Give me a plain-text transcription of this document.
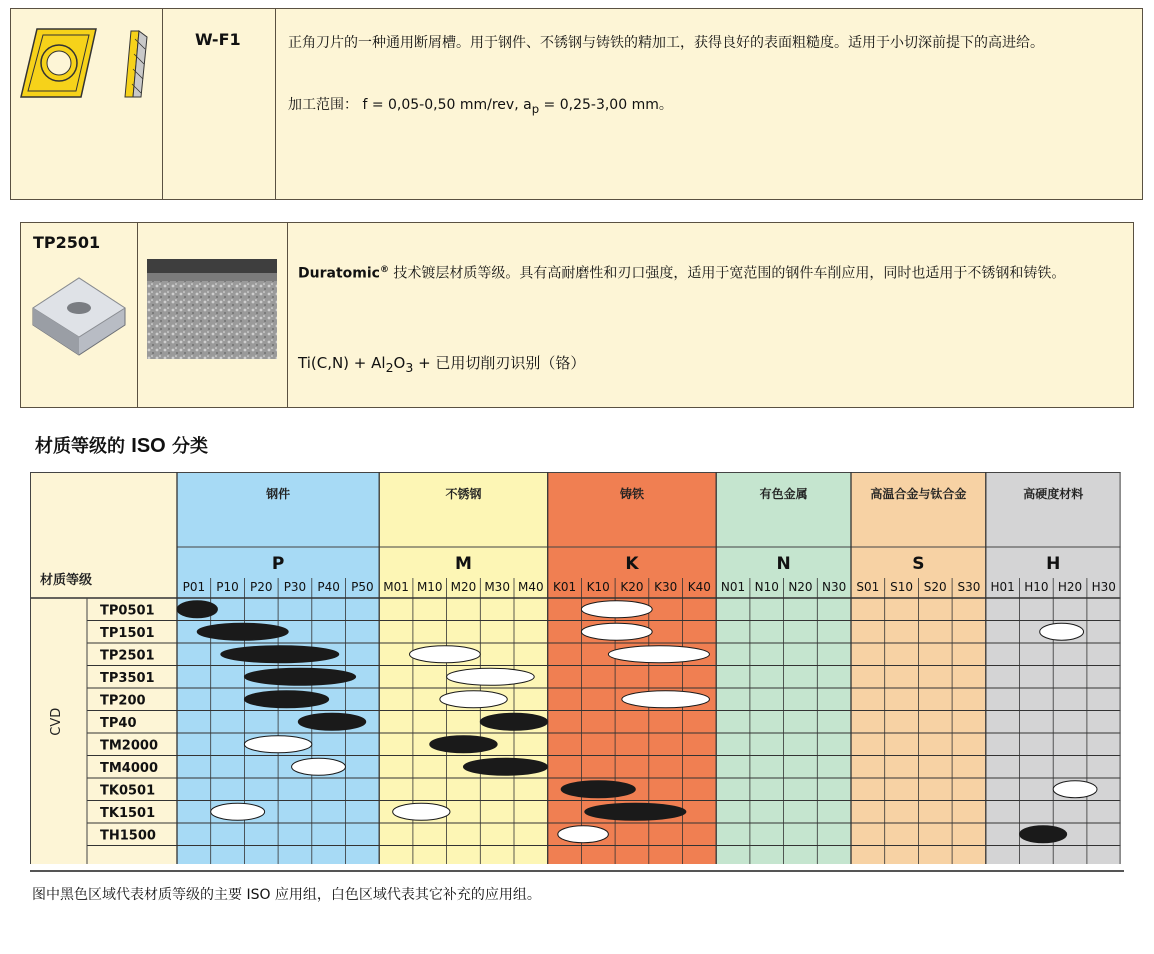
W-F1	正角刀片的一种通用断屑槽。用于钢件、不锈钢与铸铁的精加工，获得良好的表面粗糙度。适用于小切深前提下的高进给。
加工范围： f = 0,05-0,50 mm/rev, $a_p = 0,25-3,00$ mm。
TP2501
Duratomic® 技术镀层材质等级。具有高耐磨性和刃口强度，适用于宽范围的钢件车削应用，同时也适用于不锈钢和铸铁。
$Ti(C,N) + Al_2O_3$ + 已用切削刃识别（铬）
材质等级的 ISO 分类
钢件
P
P01 P10 P20 P30 P40 P50
不锈钢
M
M01 M10 M20 M30 M40
铸铁
K
K01 K10 K20 K30 K40
有色金属
N
N01 N10 N20 N30
高温合金与钛合金
S
S01 S10 S20 S30
高硬度材料
H
H01 H10 H20 H30
材质等级
CVD
TP0501
TP1501
TP2501
TP3501
TP200
TP40
TM2000
TM4000
TK0501
TK1501
TH1500
图中黑色区域代表材质等级的主要 ISO 应用组，白色区域代表其它补充的应用组。
